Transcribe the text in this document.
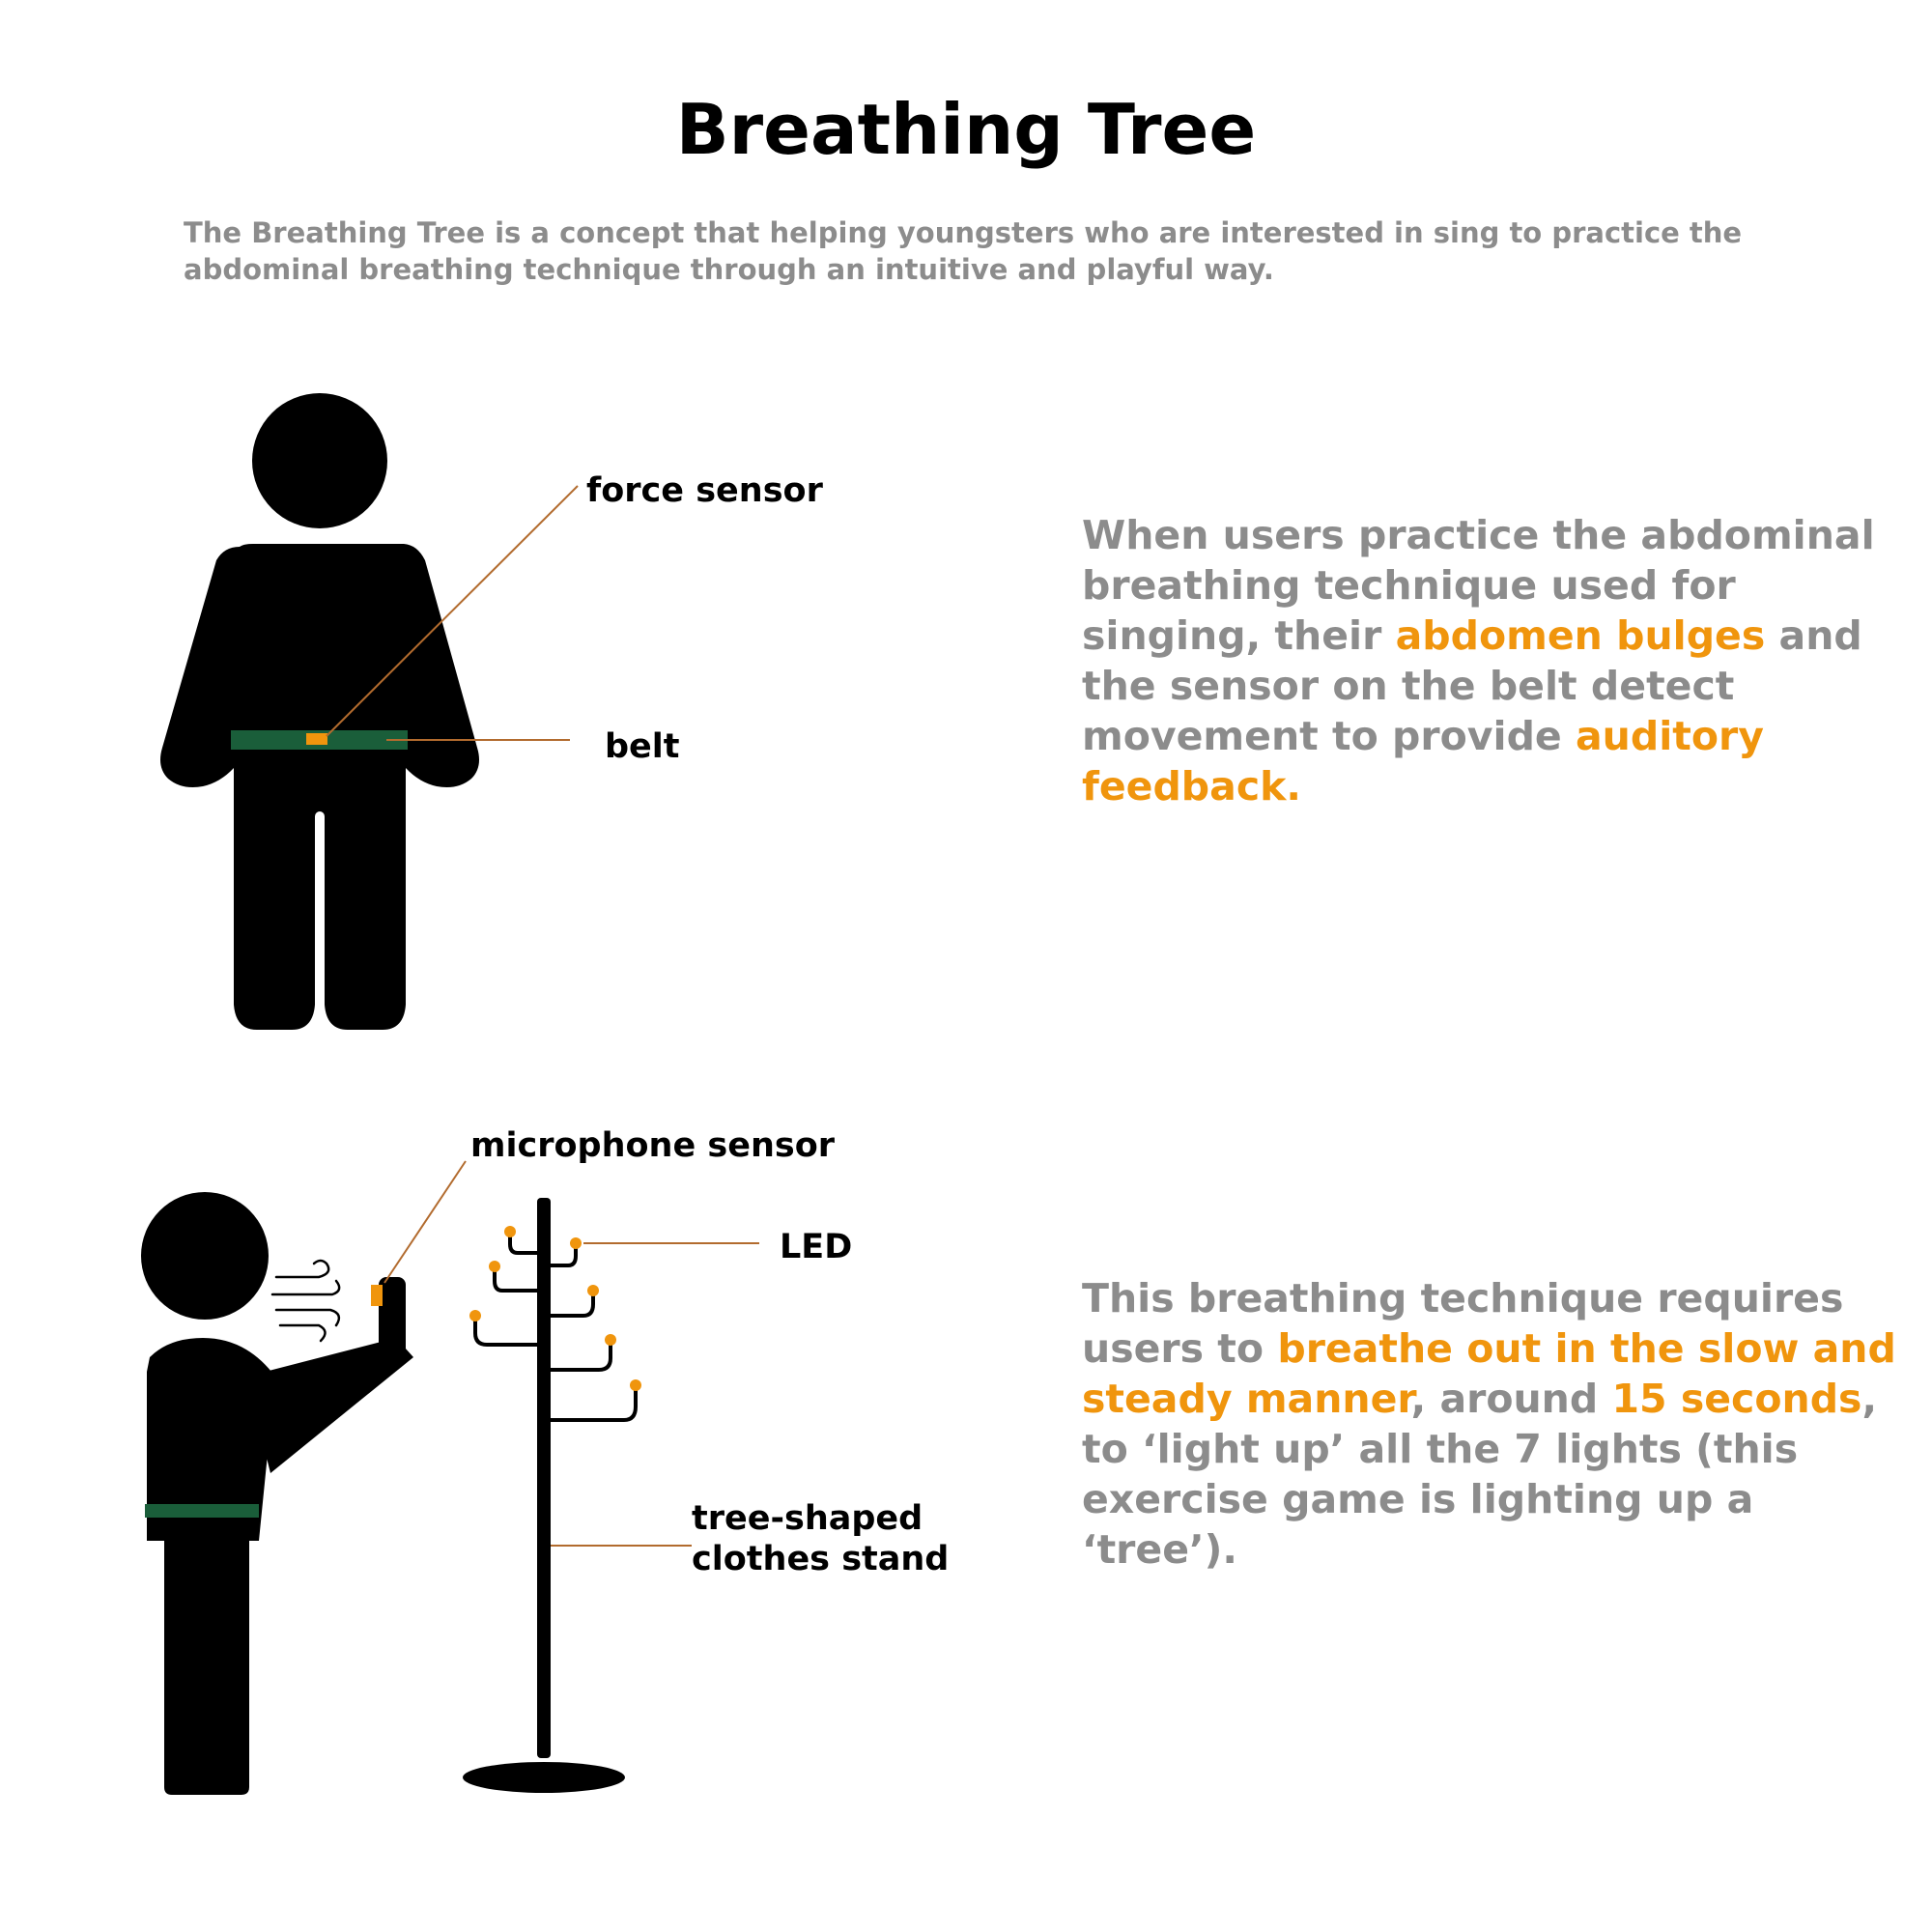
Breathing Tree
The Breathing Tree is a concept that helping youngsters who are interested in sing to practice the abdominal breathing technique through an intuitive and playful way.
force sensor
belt
microphone sensor
LED
tree-shaped
clothes stand
When users practice the abdominal breathing technique used for singing, their abdomen bulges and the sensor on the belt detect movement to provide auditory feedback.
This breathing technique requires users to breathe out in the slow and steady manner, around 15 seconds, to ‘light up’ all the 7 lights (this exercise game is lighting up a ‘tree’).
